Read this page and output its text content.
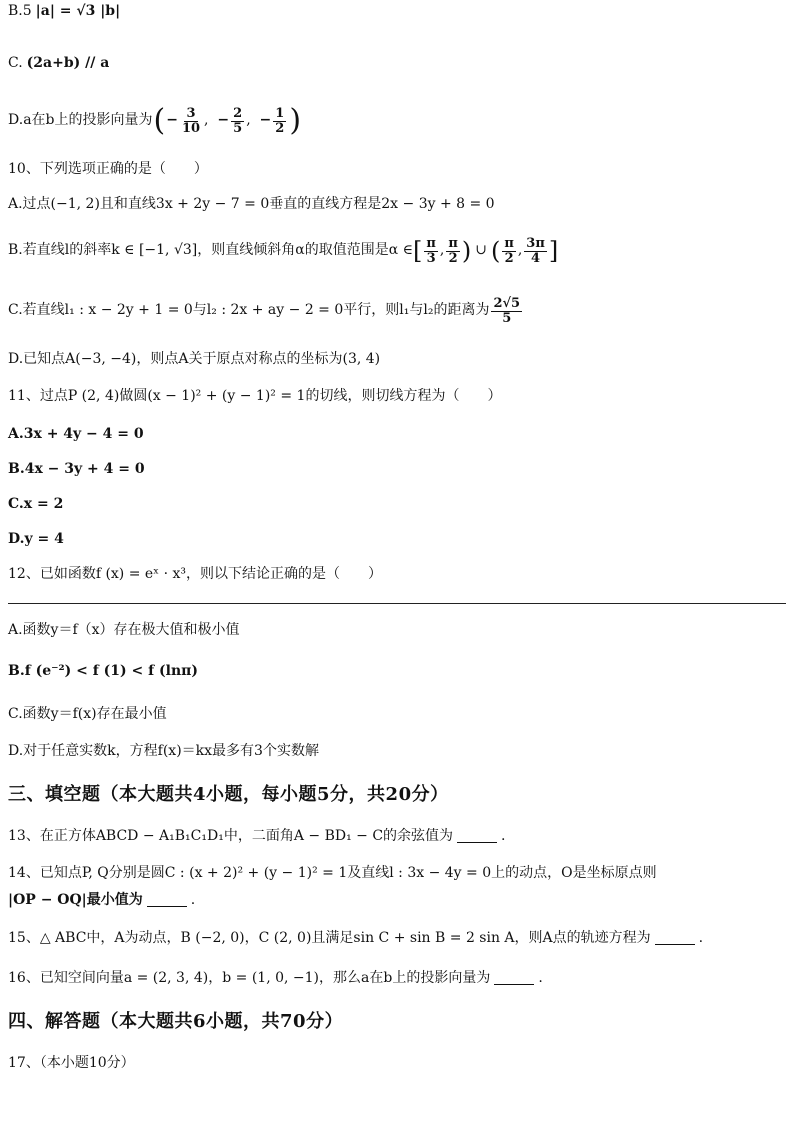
B.5 |a| = √3 |b|
C. (2a+b) // a
D. a在b上的投影向量为 ( − $\frac{3}{10}$ , − $\frac{2}{5}$ , − $\frac{1}{2}$ )
10、下列选项正确的是（　　）
A.过点(−1, 2)且和直线3x + 2y − 7 = 0垂直的直线方程是2x − 3y + 8 = 0
B.若直线l的斜率k ∈ [−1, √3]，则直线倾斜角α的取值范围是α ∈ [ $\frac{\pi}{3}$ , $\frac{\pi}{2}$ ) ∪ ( $\frac{\pi}{2}$ , $\frac{3\pi}{4}$ ]
C.若直线l₁ : x − 2y + 1 = 0与l₂ : 2x + ay − 2 = 0平行，则l₁与l₂的距离为 $\frac{2√5}{5}$
D.已知点A(−3, −4)，则点A关于原点对称点的坐标为(3, 4)
11、过点P (2, 4)做圆(x − 1)² + (y − 1)² = 1的切线，则切线方程为（　　）
A.3x + 4y − 4 = 0
B.4x − 3y + 4 = 0
C.x = 2
D.y = 4
12、已如函数f (x) = eˣ · x³，则以下结论正确的是（　　）
A.函数y＝f（x）存在极大值和极小值
B.f (e⁻²) < f (1) < f (lnπ)
C.函数y＝f(x)存在最小值
D.对于任意实数k，方程f(x)＝kx最多有3个实数解
三、填空题（本大题共4小题，每小题5分，共20分）
13、在正方体ABCD − A₁B₁C₁D₁中，二面角A − BD₁ − C的余弦值为	.
14、已知点P, Q分别是圆C : (x + 2)² + (y − 1)² = 1及直线l : 3x − 4y = 0上的动点，O是坐标原点则
|OP − OQ|最小值为	.
15、△ ABC中，A为动点，B (−2, 0)，C (2, 0)且满足sin C + sin B = 2 sin A，则A点的轨迹方程为	.
16、已知空间向量a = (2, 3, 4)，b = (1, 0, −1)，那么a在b上的投影向量为	.
四、解答题（本大题共6小题，共70分）
17、（本小题10分）
